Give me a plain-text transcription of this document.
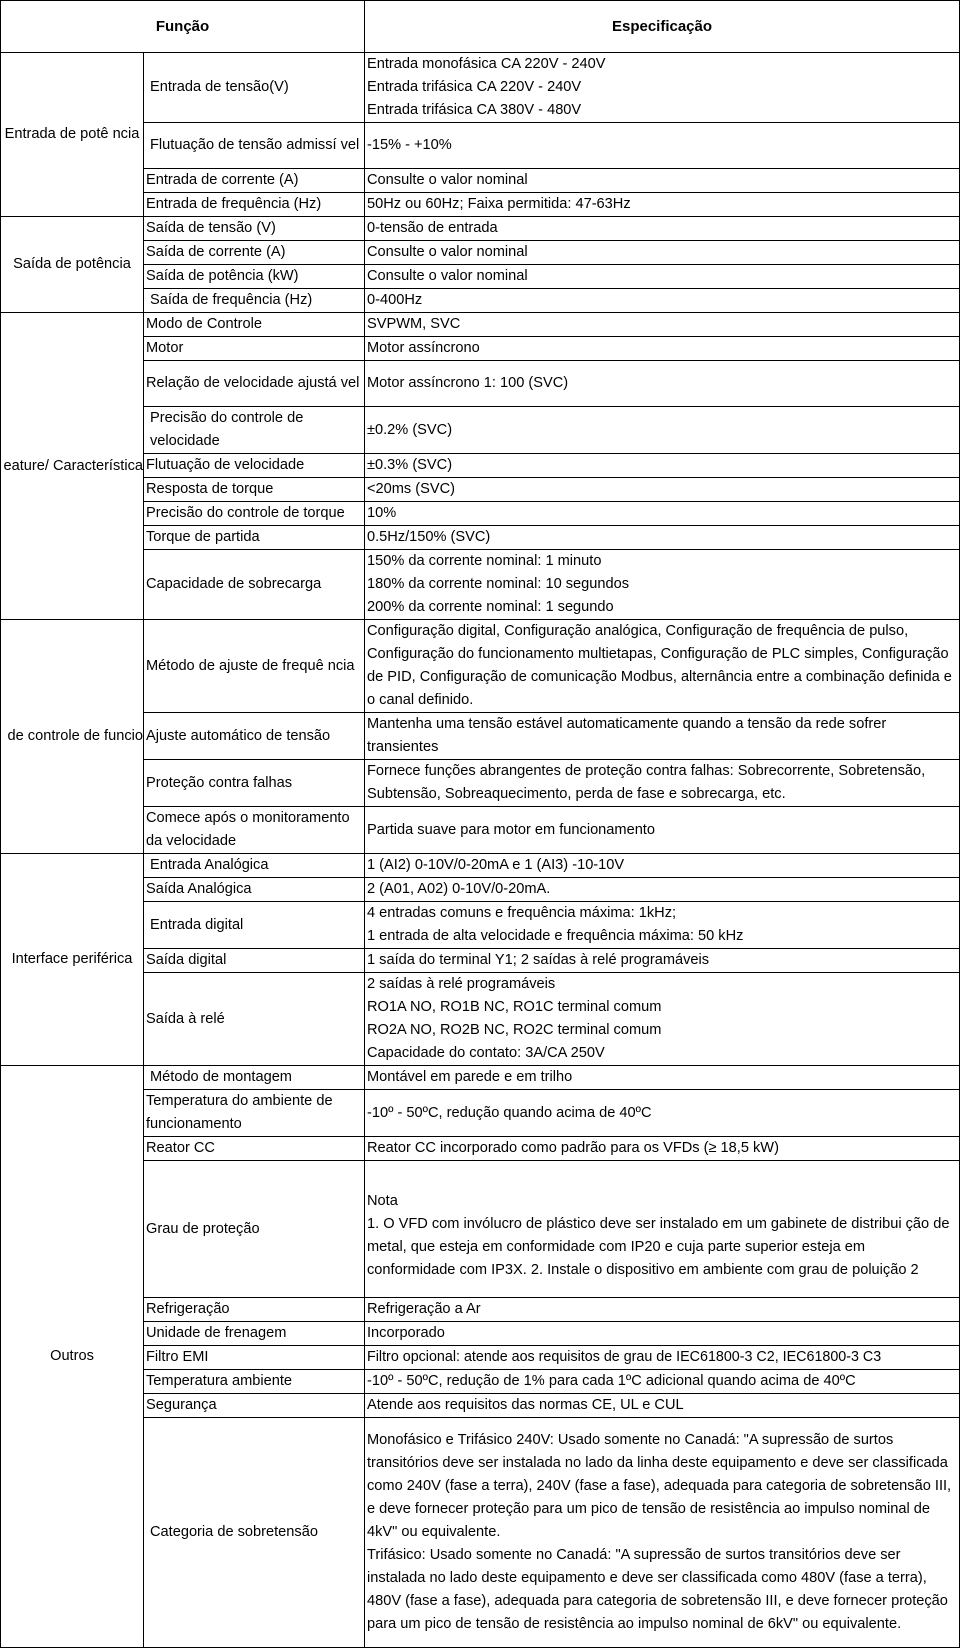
Função		Especificação
Entrada de potê ncia	Entrada de tensão(V)	Entrada monofásica CA 220V - 240V
Entrada trifásica CA 220V - 240V
Entrada trifásica CA 380V - 480V

	Flutuação de tensão admissí vel	-15% - +10%
	Entrada de corrente (A)	Consulte o valor nominal
	Entrada de frequência (Hz)	50Hz ou 60Hz; Faixa permitida: 47-63Hz
Saída de potência	Saída de tensão (V)	0-tensão de entrada
	Saída de corrente (A)	Consulte o valor nominal
	Saída de potência (kW)	Consulte o valor nominal
	Saída de frequência (Hz)	0-400Hz
eature/ Característica	Modo de Controle	SVPWM, SVC
	Motor	Motor assíncrono
	Relação de velocidade ajustá vel	Motor assíncrono 1: 100 (SVC)
	Precisão do controle de velocidade	±0.2% (SVC)
	Flutuação de velocidade	±0.3% (SVC)
	Resposta de torque	<20ms (SVC)
	Precisão do controle de torque	10%
	Torque de partida	0.5Hz/150% (SVC)
	Capacidade de sobrecarga	150% da corrente nominal: 1 minuto
180% da corrente nominal: 10 segundos
200% da corrente nominal: 1 segundo

de controle de funcio	Método de ajuste de frequê ncia	Configuração digital, Configuração analógica, Configuração de frequência de pulso, Configuração do funcionamento multietapas, Configuração de PLC simples, Configuração de PID, Configuração de comunicação Modbus, alternância entre a combinação definida e o canal definido.
	Ajuste automático de tensão	Mantenha uma tensão estável automaticamente quando a tensão da rede sofrer transientes
	Proteção contra falhas	Fornece funções abrangentes de proteção contra falhas: Sobrecorrente, Sobretensão, Subtensão, Sobreaquecimento, perda de fase e sobrecarga, etc.
	Comece após o monitoramento da velocidade	Partida suave para motor em funcionamento
Interface periférica	Entrada Analógica	1 (AI2) 0-10V/0-20mA e 1 (AI3) -10-10V
	Saída Analógica	2 (A01, A02) 0-10V/0-20mA.
	Entrada digital	4 entradas comuns e frequência máxima: 1kHz;
1 entrada de alta velocidade e frequência máxima: 50 kHz

	Saída digital	1 saída do terminal Y1; 2 saídas à relé programáveis
	Saída à relé	2 saídas à relé programáveis
RO1A NO, RO1B NC, RO1C terminal comum
RO2A NO, RO2B NC, RO2C terminal comum
Capacidade do contato: 3A/CA 250V

Outros	Método de montagem	Montável em parede e em trilho
	Temperatura do ambiente de funcionamento	-10º - 50ºC, redução quando acima de 40ºC
	Reator CC	Reator CC incorporado como padrão para os VFDs (≥ 18,5 kW)
	Grau de proteção	Nota
1. O VFD com invólucro de plástico deve ser instalado em um gabinete de distribui ção de metal, que esteja em conformidade com IP20 e cuja parte superior esteja em conformidade com IP3X. 2. Instale o dispositivo em ambiente com grau de poluição 2

	Refrigeração	Refrigeração a Ar
	Unidade de frenagem	Incorporado
	Filtro EMI	Filtro opcional: atende aos requisitos de grau de IEC61800-3 C2, IEC61800-3 C3
	Temperatura ambiente	-10º - 50ºC, redução de 1% para cada 1ºC adicional quando acima de 40ºC
	Segurança	Atende aos requisitos das normas CE, UL e CUL
	Categoria de sobretensão	Monofásico e Trifásico 240V: Usado somente no Canadá: "A supressão de surtos transitórios deve ser instalada no lado da linha deste equipamento e deve ser classificada como 240V (fase a terra), 240V (fase a fase), adequada para categoria de sobretensão III, e deve fornecer proteção para um pico de tensão de resistência ao impulso nominal de 4kV" ou equivalente.
Trifásico: Usado somente no Canadá: "A supressão de surtos transitórios deve ser instalada no lado deste equipamento e deve ser classificada como 480V (fase a terra), 480V (fase a fase), adequada para categoria de sobretensão III, e deve fornecer proteção para um pico de tensão de resistência ao impulso nominal de 6kV" ou equivalente.
